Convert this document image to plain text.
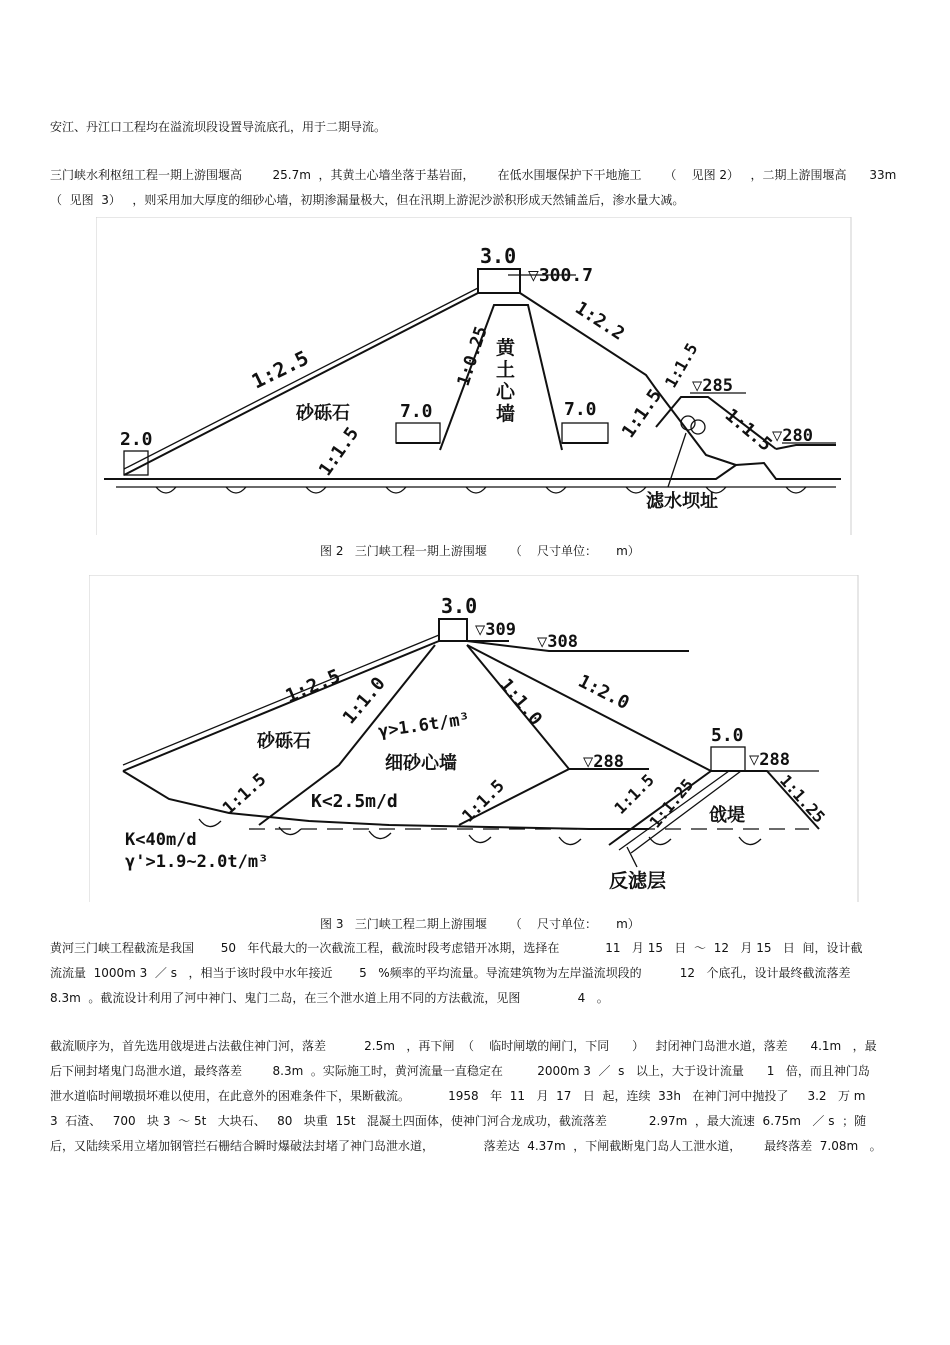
安江、丹江口工程均在溢流坝段设置导流底孔，用于二期导流。
三门峡水利枢纽工程一期上游围堰高        25.7m  ，其黄土心墙坐落于基岩面，      在低水围堰保护下干地施工      （    见图 2）   ，二期上游围堰高      33m
（  见图  3）   ，则采用加大厚度的细砂心墙，初期渗漏量极大，但在汛期上游泥沙淤积形成天然铺盖后，渗水量大减。
3.0
▽300.7
1:2.5	1:0.25
1:2.2
1:1.5
1:1.5	1:1.5
1:1.5
砂砾石	7.0	7.0
2.0
▽285
▽280
滤水坝址
黄土心墙
图 2   三门峡工程一期上游围堰      （    尺寸单位：     m）
3.0
▽309
▽308
1:2.5
1:1.0	1:1.0 1:2.0
γ>1.6t/m³
砂砾石
细砂心墙	▽288
1:1.5 K<2.5m/d	1:1.5
K<40m/d
γ'>1.9~2.0t/m³
1:1.5
1:1.25
5.0
▽288
戗堤 1:1.25
反滤层
图 3   三门峡工程二期上游围堰      （    尺寸单位：     m）
黄河三门峡工程截流是我国       50   年代最大的一次截流工程，截流时段考虑错开冰期，选择在            11   月 15   日  ～  12   月 15   日  间，设计截
流流量  1000m 3  ／ s   ，相当于该时段中水年接近       5   %频率的平均流量。导流建筑物为左岸溢流坝段的          12   个底孔，设计最终截流落差
8.3m  。截流设计利用了河中神门、鬼门二岛，在三个泄水道上用不同的方法截流，见图               4   。
截流顺序为，首先选用戗堤进占法截住神门河，落差          2.5m   ，再下闸  （    临时闸墩的闸门，下同      ）   封闭神门岛泄水道，落差      4.1m   ，最
后下闸封堵鬼门岛泄水道，最终落差        8.3m  。实际施工时，黄河流量一直稳定在         2000m 3  ／  s   以上，大于设计流量      1   倍，而且神门岛
泄水道临时闸墩损坏难以使用，在此意外的困难条件下，果断截流。          1958   年  11   月  17   日  起，连续  33h   在神门河中抛投了     3.2   万 m
3  石渣、   700   块 3  ～ 5t   大块石、   80   块重  15t   混凝土四面体，使神门河合龙成功，截流落差           2.97m  ，最大流速  6.75m   ／ s  ；随
后，又陆续采用立堵加钢管拦石栅结合瞬时爆破法封堵了神门岛泄水道，             落差达  4.37m  ，下闸截断鬼门岛人工泄水道，      最终落差  7.08m   。
